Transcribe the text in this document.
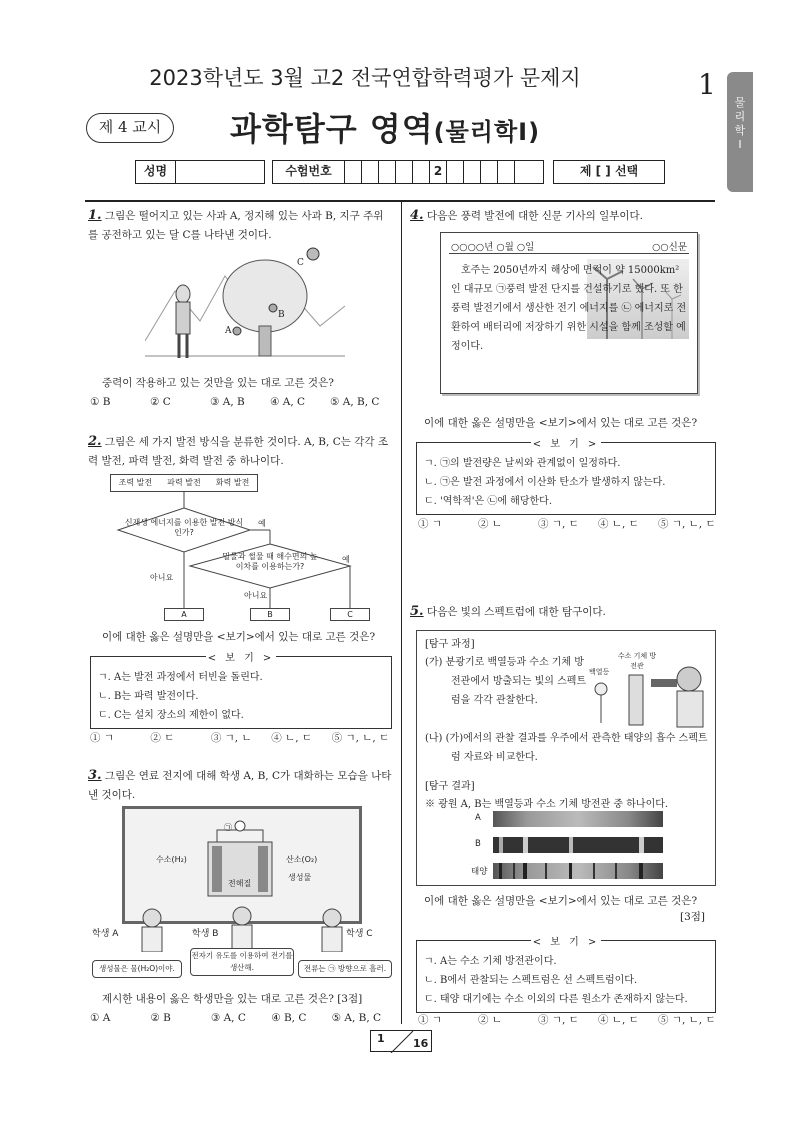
2023학년도 3월 고2 전국연합학력평가 문제지	1
물
리
학
Ⅰ
제 4 교시	과학탐구 영역(물리학Ⅰ)
성명	수험번호	2	제 [ ] 선택
1. 그림은 떨어지고 있는 사과 A, 정지해 있는 사과 B, 지구 주위를 공전하고 있는 달 C를 나타낸 것이다.
A
B
C
중력이 작용하고 있는 것만을 있는 대로 고른 것은?
① B	② C	③ A, B	④ A, C	⑤ A, B, C
2. 그림은 세 가지 발전 방식을 분류한 것이다. A, B, C는 각각 조력 발전, 파력 발전, 화력 발전 중 하나이다.
조력 발전 파력 발전 화력 발전
신재생 에너지를 이용한 발전 방식인가?
밀물과 썰물 때 해수면의 높이차를 이용하는가?
예
예
아니요
아니요
A	B	C
이에 대한 옳은 설명만을 <보기>에서 있는 대로 고른 것은?
< 보 기 >
ㄱ. A는 발전 과정에서 터빈을 돌린다.
ㄴ. B는 파력 발전이다.
ㄷ. C는 설치 장소의 제한이 없다.
① ㄱ	② ㄷ	③ ㄱ, ㄴ	④ ㄴ, ㄷ	⑤ ㄱ, ㄴ, ㄷ
3. 그림은 연료 전지에 대해 학생 A, B, C가 대화하는 모습을 나타낸 것이다.
수소(H₂)	산소(O₂)
전해질
생성물
㉠
학생 A	학생 B	학생 C
생성물은 물(H₂O)이야.
전자기 유도를 이용하여 전기를 생산해.	전류는 ㉠ 방향으로 흘러.
제시한 내용이 옳은 학생만을 있는 대로 고른 것은? [3점]
① A	② B	③ A, C	④ B, C	⑤ A, B, C
4. 다음은 풍력 발전에 대한 신문 기사의 일부이다.
○○○○년 ○월 ○일	○○신문
호주는 2050년까지 해상에 면적이 약 15000km² 인 대규모 ㉠풍력 발전 단지를 건설하기로 했다. 또 한 풍력 발전기에서 생산한 전기 에너지를 ㉡ 에너지로 전환하여 배터리에 저장하기 위한 시설을 함께 조성할 예정이다.
이에 대한 옳은 설명만을 <보기>에서 있는 대로 고른 것은?
< 보 기 >
ㄱ. ㉠의 발전량은 날씨와 관계없이 일정하다.
ㄴ. ㉠은 발전 과정에서 이산화 탄소가 발생하지 않는다.
ㄷ. '역학적'은 ㉡에 해당한다.
① ㄱ	② ㄴ	③ ㄱ, ㄷ	④ ㄴ, ㄷ	⑤ ㄱ, ㄴ, ㄷ
5. 다음은 빛의 스펙트럼에 대한 탐구이다.
[탐구 과정]
(가) 분광기로 백열등과 수소 기체 방전관에서 방출되는 빛의 스펙트럼을 각각 관찰한다.
(나) (가)에서의 관찰 결과를 우주에서 관측한 태양의 흡수 스펙트럼 자료와 비교한다.
백열등
수소 기체 방전관
[탐구 결과]
※ 광원 A, B는 백열등과 수소 기체 방전관 중 하나이다.
A
B
태양
이에 대한 옳은 설명만을 <보기>에서 있는 대로 고른 것은?
[3점]
< 보 기 >
ㄱ. A는 수소 기체 방전관이다.
ㄴ. B에서 관찰되는 스펙트럼은 선 스펙트럼이다.
ㄷ. 태양 대기에는 수소 이외의 다른 원소가 존재하지 않는다.
① ㄱ	② ㄴ	③ ㄱ, ㄷ	④ ㄴ, ㄷ	⑤ ㄱ, ㄴ, ㄷ
1	16
